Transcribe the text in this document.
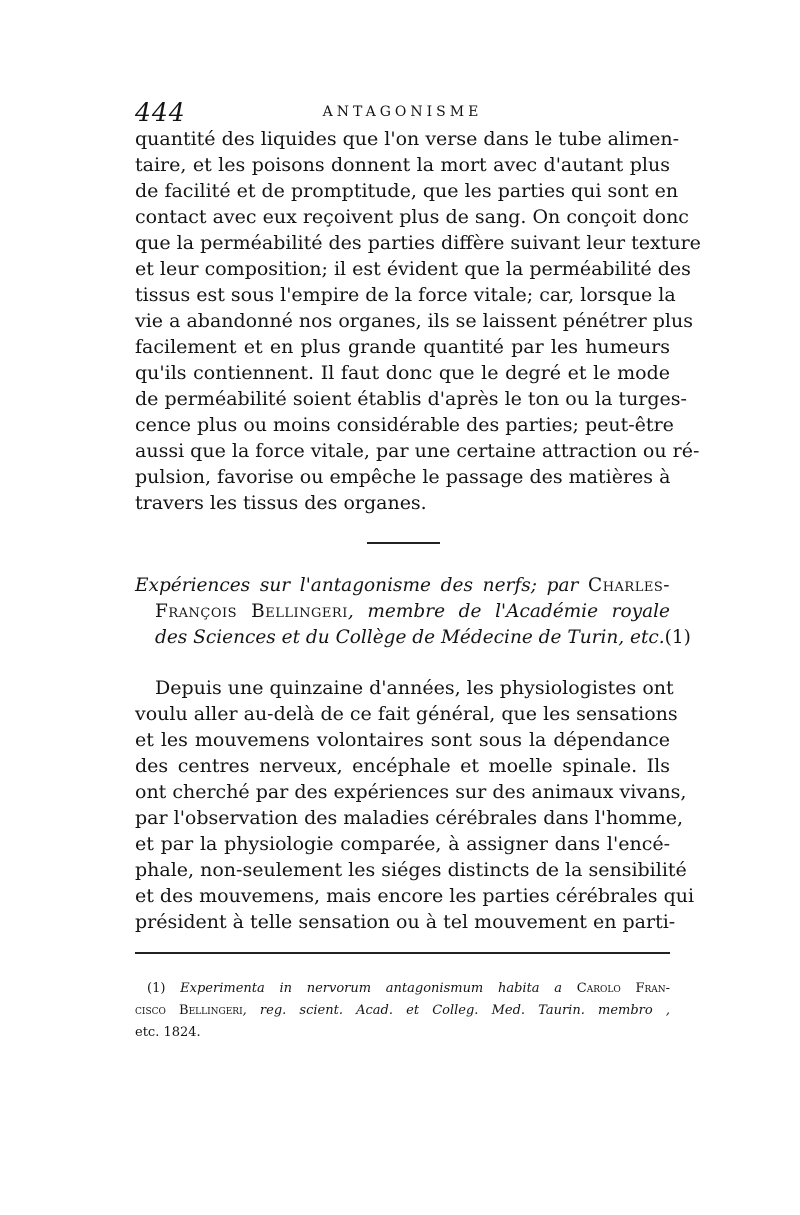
444	ANTAGONISME
quantité des liquides que l'on verse dans le tube alimen-
taire, et les poisons donnent la mort avec d'autant plus
de facilité et de promptitude, que les parties qui sont en
contact avec eux reçoivent plus de sang. On conçoit donc
que la perméabilité des parties diffère suivant leur texture
et leur composition; il est évident que la perméabilité des
tissus est sous l'empire de la force vitale; car, lorsque la
vie a abandonné nos organes, ils se laissent pénétrer plus
facilement et en plus grande quantité par les humeurs
qu'ils contiennent. Il faut donc que le degré et le mode
de perméabilité soient établis d'après le ton ou la turges-
cence plus ou moins considérable des parties; peut-être
aussi que la force vitale, par une certaine attraction ou ré-
pulsion, favorise ou empêche le passage des matières à
travers les tissus des organes.
Expériences sur l'antagonisme des nerfs; par Charles-
François Bellingeri, membre de l'Académie royale
des Sciences et du Collège de Médecine de Turin, etc.(1)
Depuis une quinzaine d'années, les physiologistes ont
voulu aller au-delà de ce fait général, que les sensations
et les mouvemens volontaires sont sous la dépendance
des centres nerveux, encéphale et moelle spinale. Ils
ont cherché par des expériences sur des animaux vivans,
par l'observation des maladies cérébrales dans l'homme,
et par la physiologie comparée, à assigner dans l'encé-
phale, non-seulement les siéges distincts de la sensibilité
et des mouvemens, mais encore les parties cérébrales qui
président à telle sensation ou à tel mouvement en parti-
(1) Experimenta in nervorum antagonismum habita a Carolo Fran-
cisco Bellingeri, reg. scient. Acad. et Colleg. Med. Taurin. membro ,
etc. 1824.
